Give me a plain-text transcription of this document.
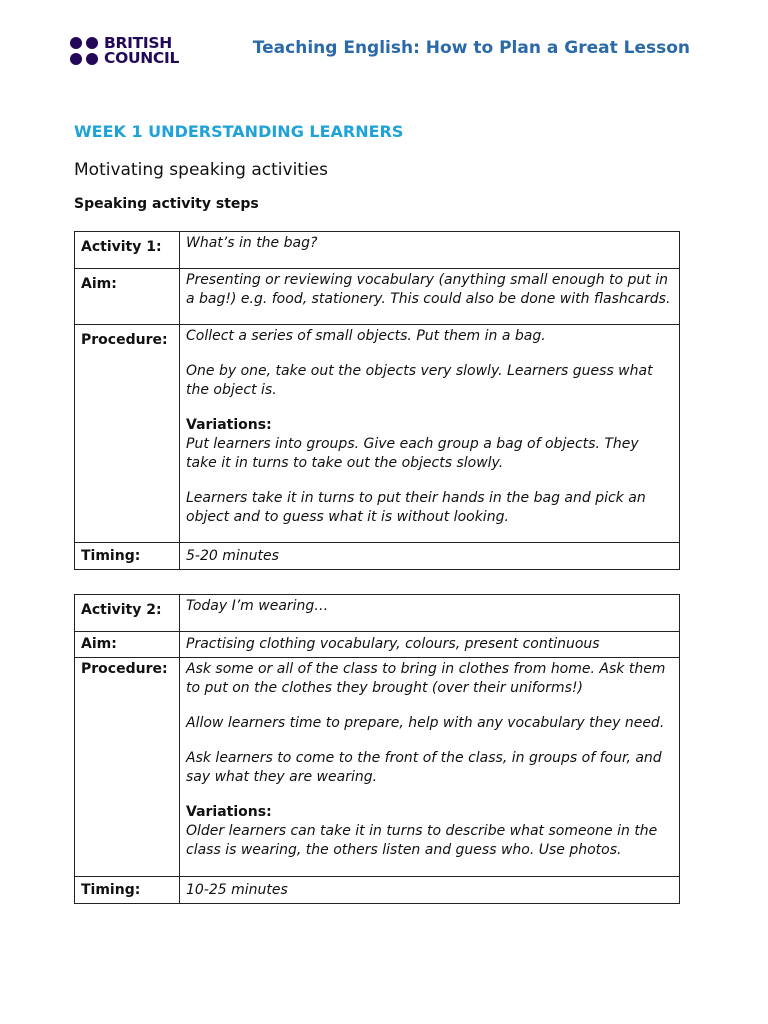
BRITISH
COUNCIL	Teaching English: How to Plan a Great Lesson
WEEK 1 UNDERSTANDING LEARNERS
Motivating speaking activities
Speaking activity steps
Activity 1:	What’s in the bag?
Aim:	Presenting or reviewing vocabulary (anything small enough to put in a bag!) e.g. food, stationery. This could also be done with flashcards.
Procedure:	Collect a series of small objects. Put them in a bag.

One by one, take out the objects very slowly. Learners guess what the object is.

Variations:
Put learners into groups. Give each group a bag of objects. They take it in turns to take out the objects slowly.

Learners take it in turns to put their hands in the bag and pick an object and to guess what it is without looking.

Timing:	5-20 minutes
Activity 2:	Today I’m wearing…
Aim:	Practising clothing vocabulary, colours, present continuous
Procedure:	Ask some or all of the class to bring in clothes from home. Ask them to put on the clothes they brought (over their uniforms!)

Allow learners time to prepare, help with any vocabulary they need.

Ask learners to come to the front of the class, in groups of four, and say what they are wearing.

Variations:
Older learners can take it in turns to describe what someone in the class is wearing, the others listen and guess who. Use photos.

Timing:	10-25 minutes
